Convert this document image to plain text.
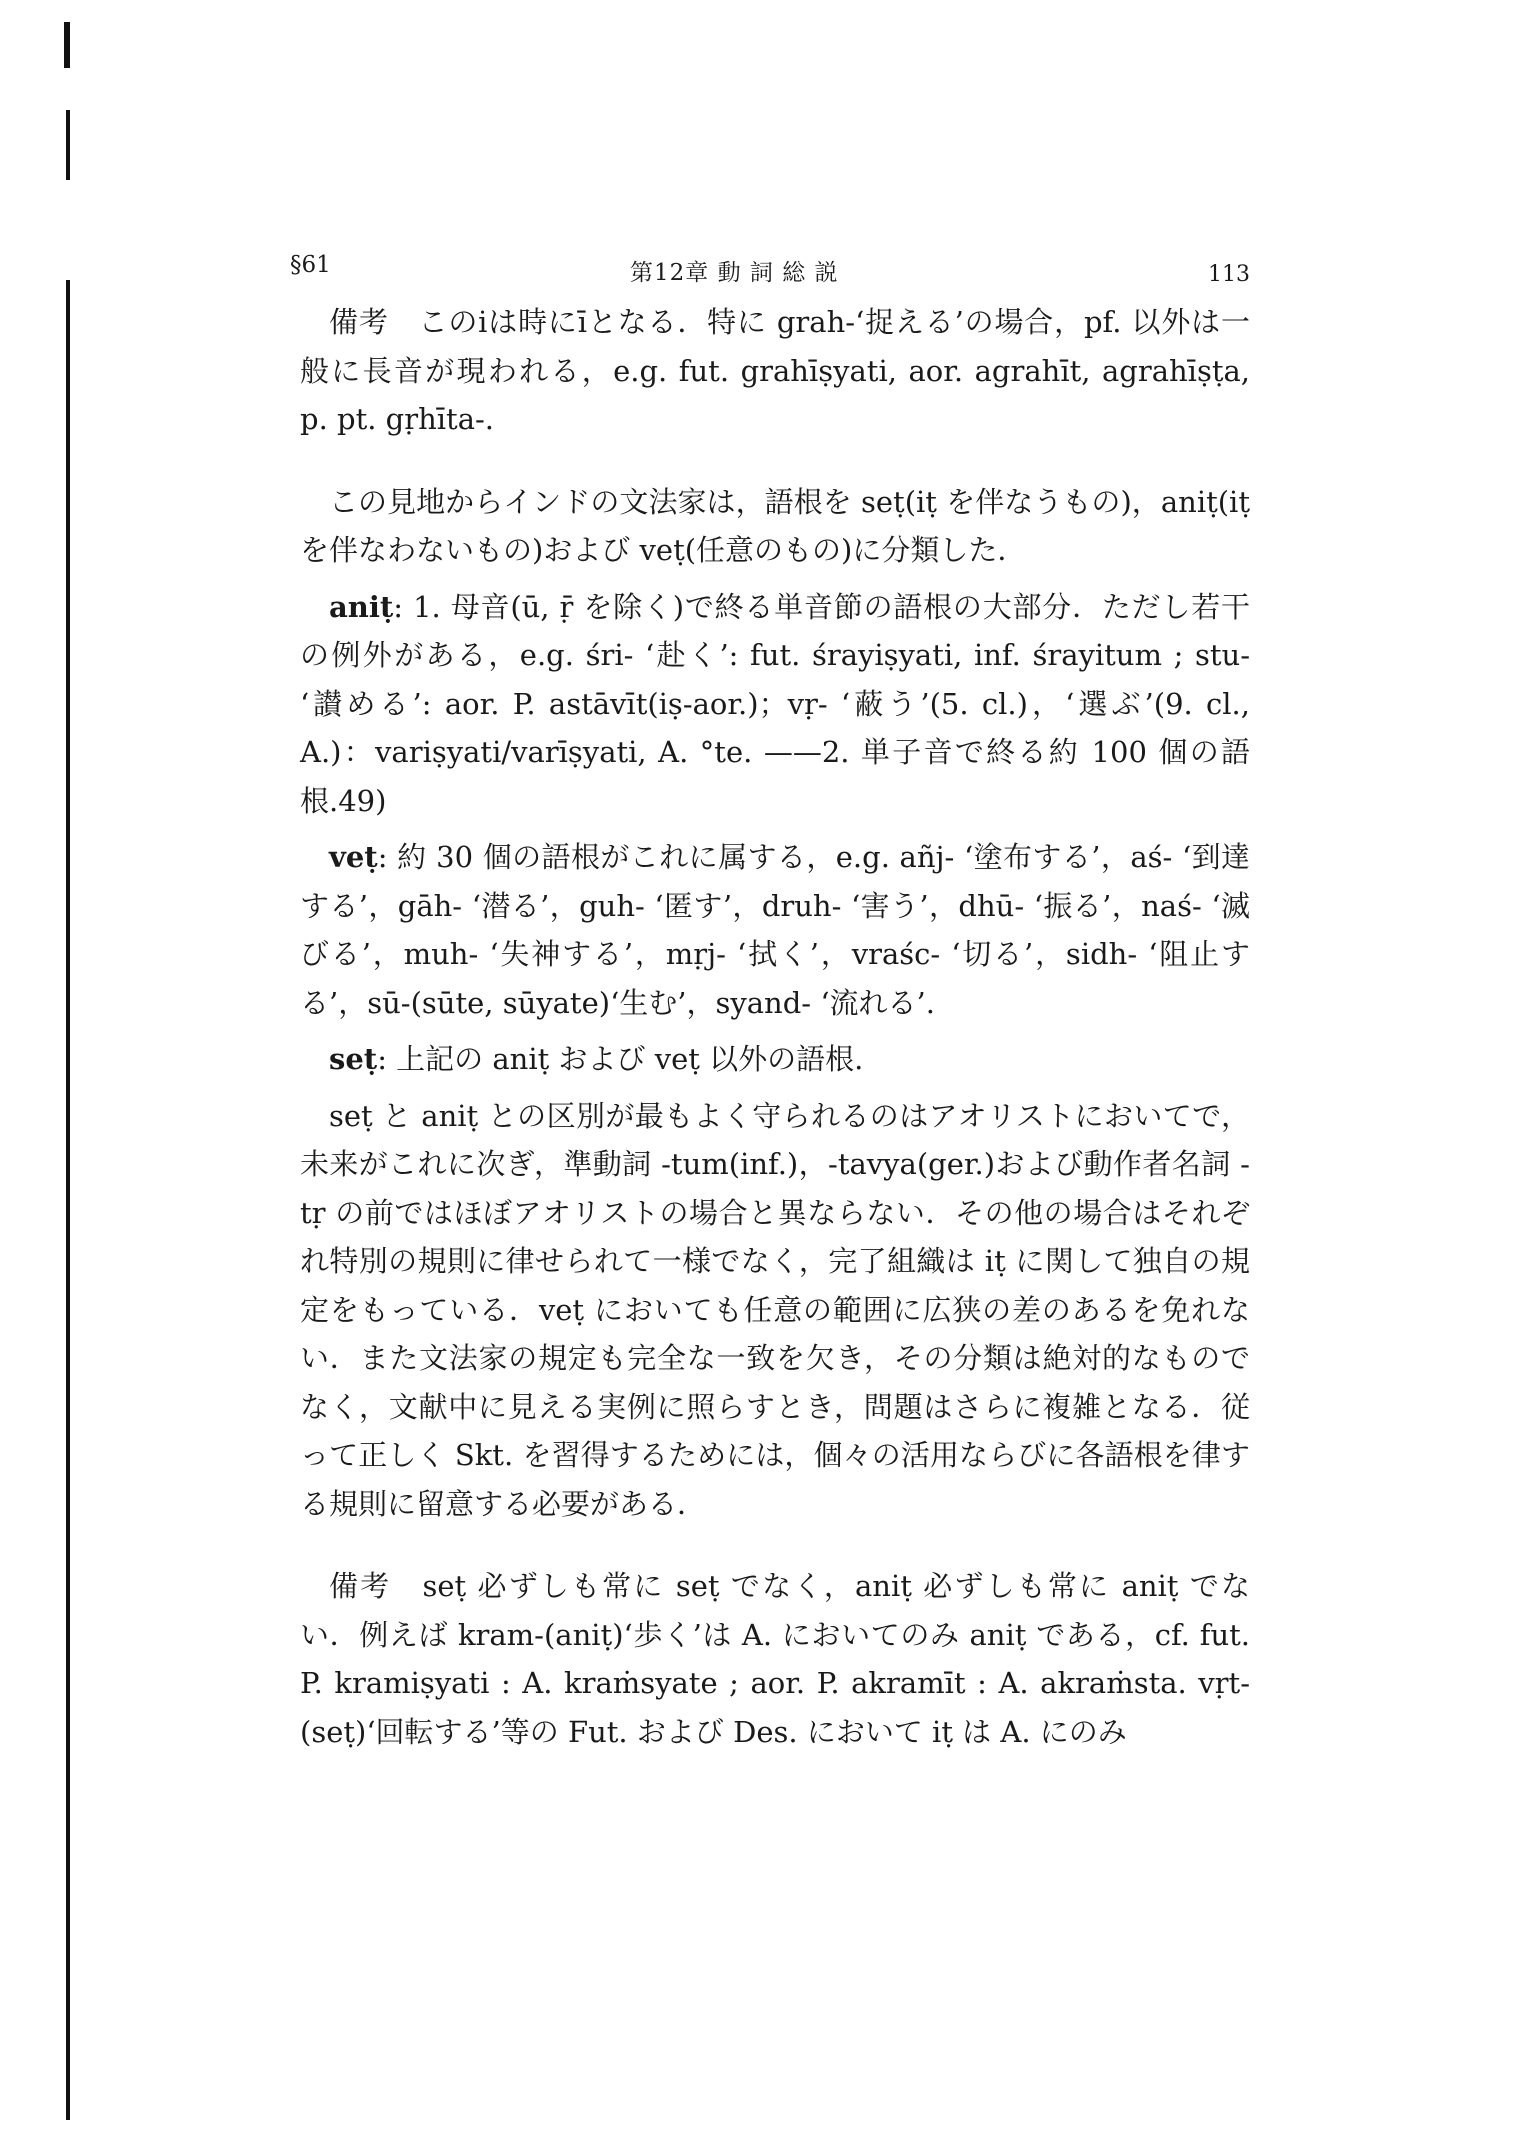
§61	第12章 動 詞 総 説	113

備考　このiは時にīとなる．特に grah-‘捉える’の場合，pf. 以外は一般に長音が現われる，e.g. fut. grahīṣyati, aor. agrahīt, agrahīṣṭa, p. pt. gṛhīta-.

この見地からインドの文法家は，語根を seṭ(iṭ を伴なうもの)，aniṭ(iṭ を伴なわないもの)および veṭ(任意のもの)に分類した．

aniṭ: 1. 母音(ū, ṝ を除く)で終る単音節の語根の大部分．ただし若干の例外がある，e.g. śri- ‘赴く’: fut. śrayiṣyati, inf. śrayitum ; stu- ‘讃める’: aor. P. astāvīt(iṣ-aor.)；vṛ- ‘蔽う’(5. cl.)，‘選ぶ’(9. cl., A.)：variṣyati/varīṣyati, A. °te. ——2. 単子音で終る約 100 個の語根.49)

veṭ: 約 30 個の語根がこれに属する，e.g. añj- ‘塗布する’，aś- ‘到達する’，gāh- ‘潜る’，guh- ‘匿す’，druh- ‘害う’，dhū- ‘振る’，naś- ‘滅びる’，muh- ‘失神する’，mṛj- ‘拭く’，vraśc- ‘切る’，sidh- ‘阻止する’，sū-(sūte, sūyate)‘生む’，syand- ‘流れる’.

seṭ: 上記の aniṭ および veṭ 以外の語根.

seṭ と aniṭ との区別が最もよく守られるのはアオリストにおいてで，未来がこれに次ぎ，準動詞 -tum(inf.)，-tavya(ger.)および動作者名詞 -tṛ の前ではほぼアオリストの場合と異ならない．その他の場合はそれぞれ特別の規則に律せられて一様でなく，完了組織は iṭ に関して独自の規定をもっている．veṭ においても任意の範囲に広狭の差のあるを免れない．また文法家の規定も完全な一致を欠き，その分類は絶対的なものでなく，文献中に見える実例に照らすとき，問題はさらに複雑となる．従って正しく Skt. を習得するためには，個々の活用ならびに各語根を律する規則に留意する必要がある．

備考　seṭ 必ずしも常に seṭ でなく，aniṭ 必ずしも常に aniṭ でない．例えば kram-(aniṭ)‘歩く’は A. においてのみ aniṭ である，cf. fut. P. kramiṣyati : A. kraṁsyate ; aor. P. akramīt : A. akraṁsta. vṛt-(seṭ)‘回転する’等の Fut. および Des. において iṭ は A. にのみ
